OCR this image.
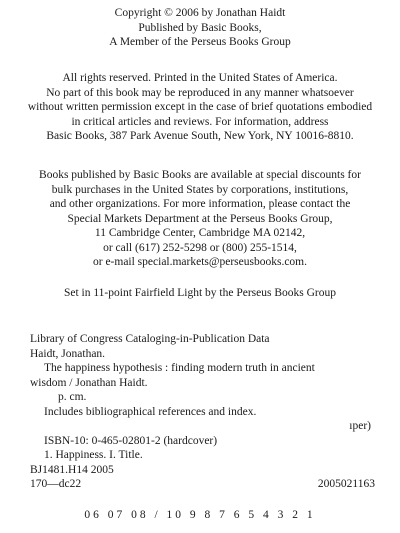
Copyright © 2006 by Jonathan Haidt
Published by Basic Books,
A Member of the Perseus Books Group
All rights reserved. Printed in the United States of America.
No part of this book may be reproduced in any manner whatsoever
without written permission except in the case of brief quotations embodied
in critical articles and reviews. For information, address
Basic Books, 387 Park Avenue South, New York, NY 10016-8810.
Books published by Basic Books are available at special discounts for
bulk purchases in the United States by corporations, institutions,
and other organizations. For more information, please contact the
Special Markets Department at the Perseus Books Group,
11 Cambridge Center, Cambridge MA 02142,
or call (617) 252-5298 or (800) 255-1514,
or e-mail special.markets@perseusbooks.com.
Set in 11-point Fairfield Light by the Perseus Books Group
Library of Congress Cataloging-in-Publication Data
Haidt, Jonathan.
The happiness hypothesis : finding modern truth in ancient
wisdom / Jonathan Haidt.
p. cm.
Includes bibliographical references and index.
ıper)
ISBN-10: 0-465-02801-2 (hardcover)
1. Happiness. I. Title.
BJ1481.H14 2005
170—dc22	2005021163
06 07 08 / 10 9 8 7 6 5 4 3 2 1
